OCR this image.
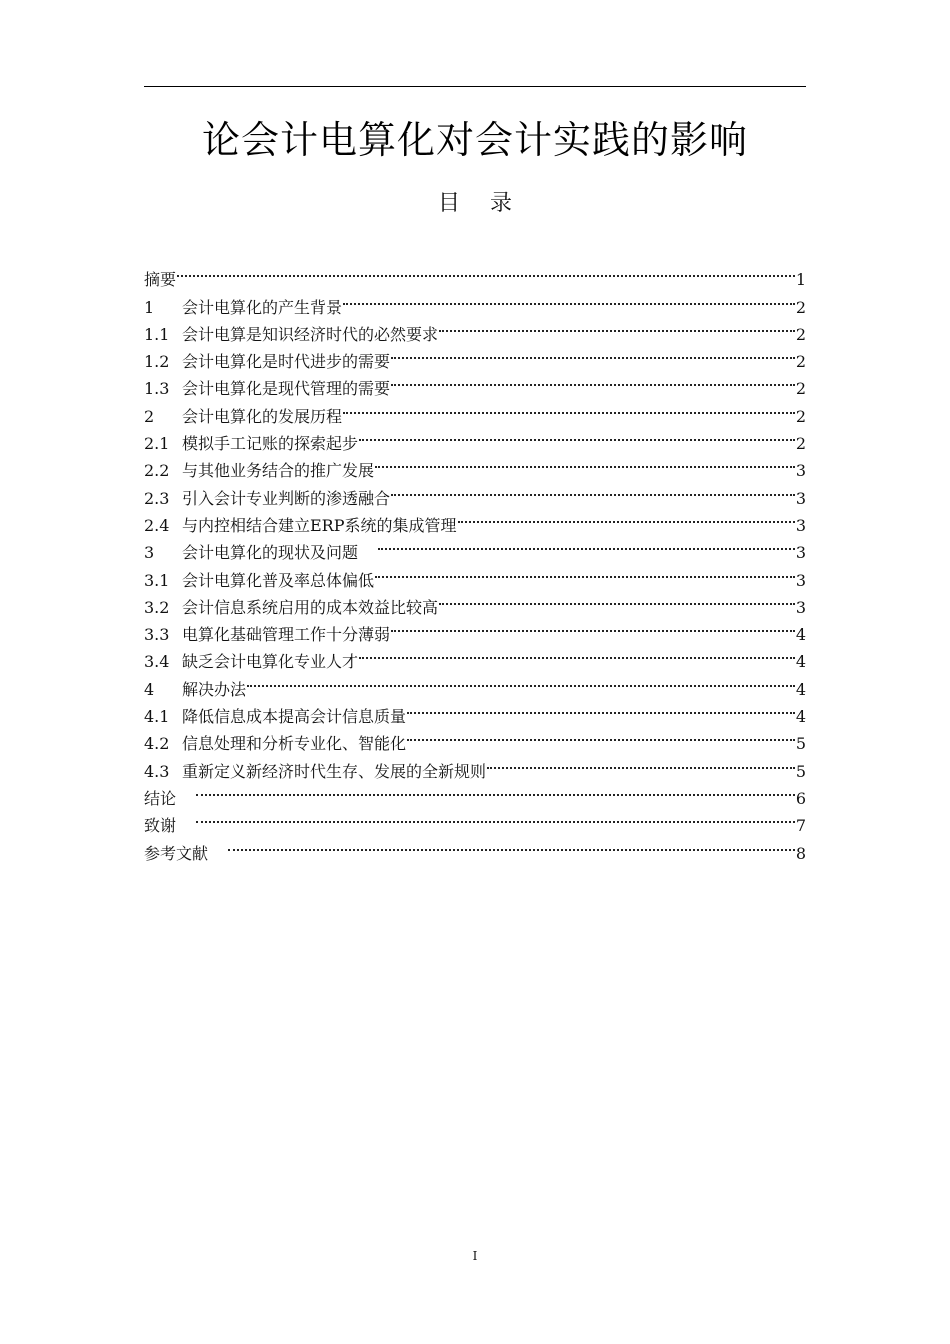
论会计电算化对会计实践的影响
目 录
摘要	1
1	会计电算化的产生背景	2
1.1 会计电算是知识经济时代的必然要求	2
1.2 会计电算化是时代进步的需要	2
1.3 会计电算化是现代管理的需要	2
2	会计电算化的发展历程	2
2.1 模拟手工记账的探索起步	2
2.2 与其他业务结合的推广发展	3
2.3 引入会计专业判断的渗透融合	3
2.4 与内控相结合建立ERP系统的集成管理	3
3	会计电算化的现状及问题	3
3.1 会计电算化普及率总体偏低	3
3.2 会计信息系统启用的成本效益比较高	3
3.3 电算化基础管理工作十分薄弱	4
3.4 缺乏会计电算化专业人才	4
4	解决办法	4
4.1 降低信息成本提高会计信息质量	4
4.2 信息处理和分析专业化、智能化	5
4.3 重新定义新经济时代生存、发展的全新规则	5
结论	6
致谢	7
参考文献	8
I
